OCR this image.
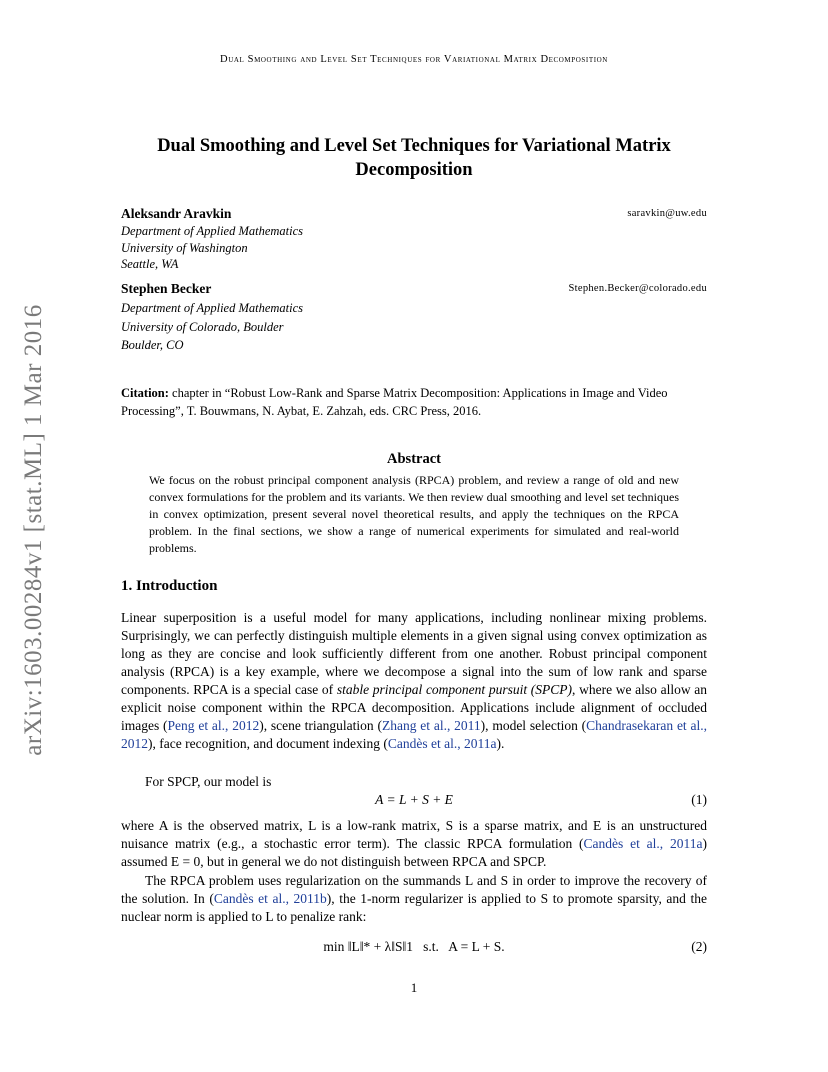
Dual Smoothing and Level Set Techniques for Variational Matrix Decomposition
Dual Smoothing and Level Set Techniques for Variational Matrix Decomposition
Aleksandr Aravkin	saravkin@uw.edu
Department of Applied Mathematics
University of Washington
Seattle, WA
Stephen Becker	Stephen.Becker@colorado.edu
Department of Applied Mathematics
University of Colorado, Boulder
Boulder, CO
Citation: chapter in “Robust Low-Rank and Sparse Matrix Decomposition: Applications in Image and Video Processing”, T. Bouwmans, N. Aybat, E. Zahzah, eds. CRC Press, 2016.
Abstract
We focus on the robust principal component analysis (RPCA) problem, and review a range of old and new convex formulations for the problem and its variants. We then review dual smoothing and level set techniques in convex optimization, present several novel theoretical results, and apply the techniques on the RPCA problem. In the final sections, we show a range of numerical experiments for simulated and real-world problems.
1. Introduction
Linear superposition is a useful model for many applications, including nonlinear mixing problems. Surprisingly, we can perfectly distinguish multiple elements in a given signal using convex optimization as long as they are concise and look sufficiently different from one another. Robust principal component analysis (RPCA) is a key example, where we decompose a signal into the sum of low rank and sparse components. RPCA is a special case of stable principal component pursuit (SPCP), where we also allow an explicit noise component within the RPCA decomposition. Applications include alignment of occluded images (Peng et al., 2012), scene triangulation (Zhang et al., 2011), model selection (Chandrasekaran et al., 2012), face recognition, and document indexing (Candès et al., 2011a).
For SPCP, our model is
A = L + S + E	(1)
where A is the observed matrix, L is a low-rank matrix, S is a sparse matrix, and E is an unstructured nuisance matrix (e.g., a stochastic error term). The classic RPCA formulation (Candès et al., 2011a) assumed E = 0, but in general we do not distinguish between RPCA and SPCP.
The RPCA problem uses regularization on the summands L and S in order to improve the recovery of the solution. In (Candès et al., 2011b), the 1-norm regularizer is applied to S to promote sparsity, and the nuclear norm is applied to L to penalize rank:
min ‖L‖* + λ‖S‖1   s.t.   A = L + S.	(2)
1
arXiv:1603.00284v1 [stat.ML] 1 Mar 2016
